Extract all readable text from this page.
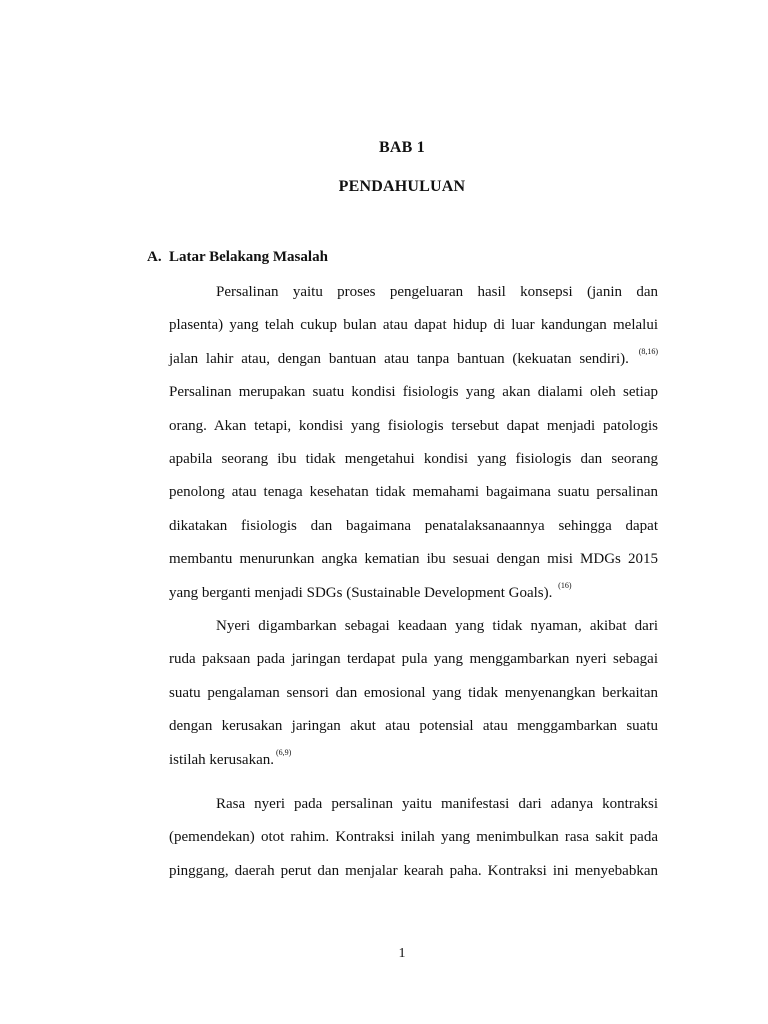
BAB 1
PENDAHULUAN
A. Latar Belakang Masalah
Persalinan yaitu proses pengeluaran hasil konsepsi (janin dan
plasenta) yang telah cukup bulan atau dapat hidup di luar kandungan melalui
jalan lahir atau, dengan bantuan atau tanpa bantuan (kekuatan sendiri). $^{(8,16)}$
Persalinan merupakan suatu kondisi fisiologis yang akan dialami oleh setiap
orang. Akan tetapi, kondisi yang fisiologis tersebut dapat menjadi patologis
apabila seorang ibu tidak mengetahui kondisi yang fisiologis dan seorang
penolong atau tenaga kesehatan tidak memahami bagaimana suatu persalinan
dikatakan fisiologis dan bagaimana penatalaksanaannya sehingga dapat
membantu menurunkan angka kematian ibu sesuai dengan misi MDGs 2015
yang berganti menjadi SDGs (Sustainable Development Goals). $^{(16)}$
Nyeri digambarkan sebagai keadaan yang tidak nyaman, akibat dari
ruda paksaan pada jaringan terdapat pula yang menggambarkan nyeri sebagai
suatu pengalaman sensori dan emosional yang tidak menyenangkan berkaitan
dengan kerusakan jaringan akut atau potensial atau menggambarkan suatu
istilah kerusakan. $^{(6,9)}$
Rasa nyeri pada persalinan yaitu manifestasi dari adanya kontraksi
(pemendekan) otot rahim. Kontraksi inilah yang menimbulkan rasa sakit pada
pinggang, daerah perut dan menjalar kearah paha. Kontraksi ini menyebabkan
1
